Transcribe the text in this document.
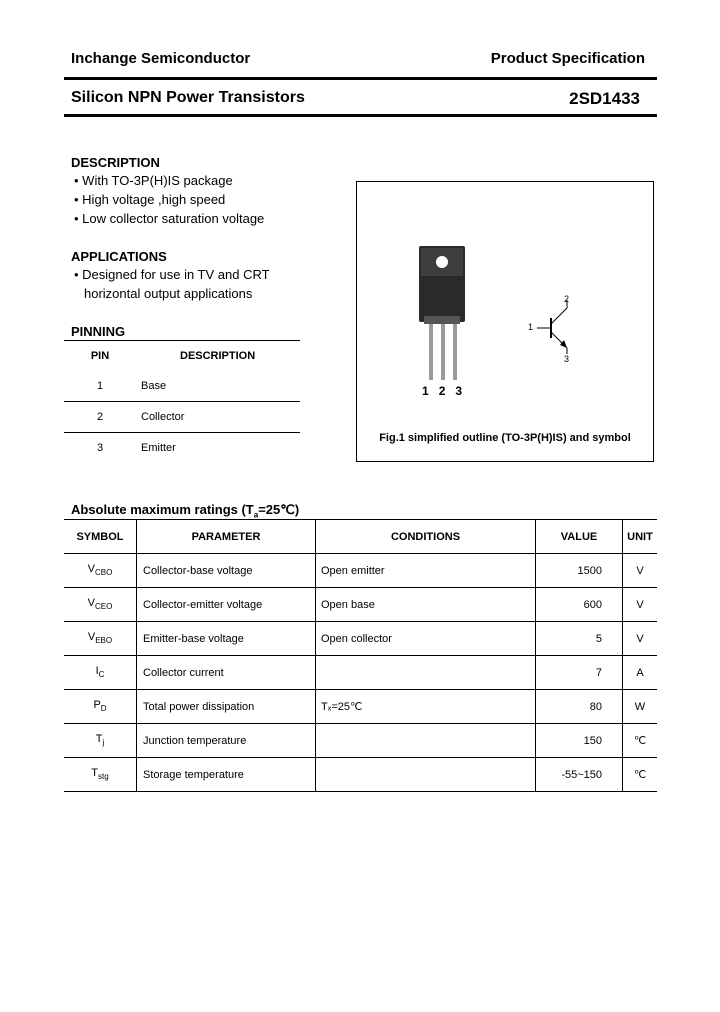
Inchange Semiconductor	Product Specification
Silicon NPN Power Transistors	2SD1433
DESCRIPTION
• With TO-3P(H)IS package
• High voltage ,high speed
• Low collector saturation voltage
APPLICATIONS
• Designed for use in TV and CRT
horizontal output applications
PINNING
PIN	DESCRIPTION
1	Base
2	Collector
3	Emitter
123
1
2
3
Fig.1 simplified outline (TO-3P(H)IS) and symbol
Absolute maximum ratings $(T_a=25℃)$
SYMBOL	PARAMETER	CONDITIONS	VALUE	UNIT
$V_{CBO}$	Collector-base voltage	Open emitter	1500	V
$V_{CEO}$	Collector-emitter voltage	Open base	600	V
$V_{EBO}$	Emitter-base voltage	Open collector	5	V
$I_C$	Collector current		7	A
$P_D$	Total power dissipation	Tₓ=25℃	80	W
$T_j$	Junction temperature		150	℃
$T_{stg}$	Storage temperature		-55~150	℃
